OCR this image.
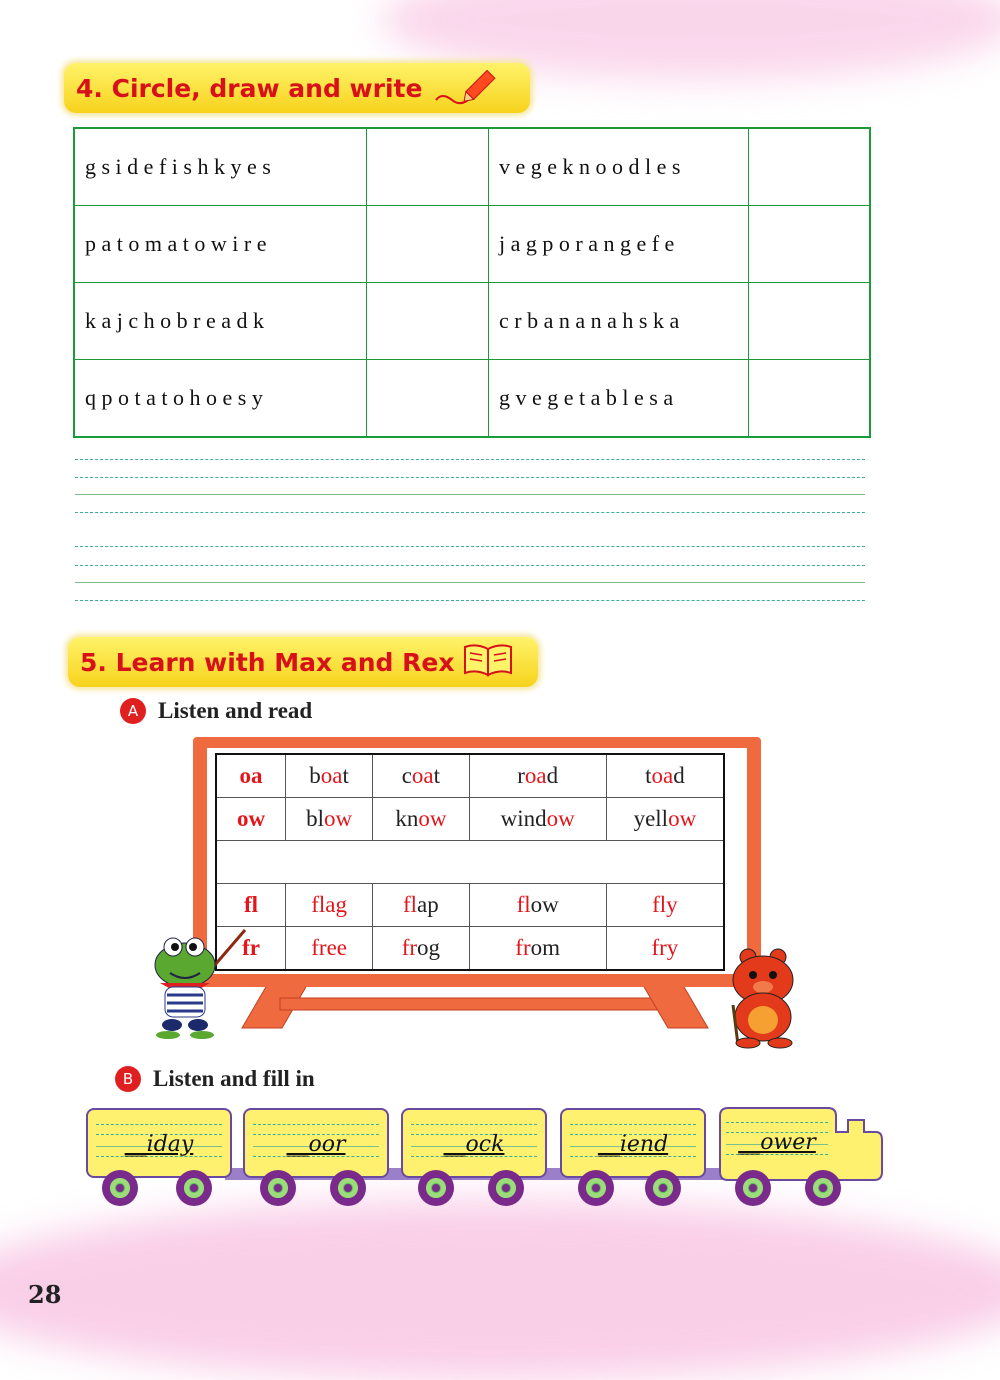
4. Circle, draw and write
gsidefishkyes		vegeknoodles	
patomatowire		jagporangefe	
kajchobreadk		crbananahska	
qpotatohoesy		gvegetablesa	
5. Learn with Max and Rex
A Listen and read
oa	boat	coat	road	toad
ow	blow	know	window	yellow

fl	flag	flap	flow	fly
fr	free	frog	from	fry
B Listen and fill in
__iday	__oor	__ock	__iend	__ower
28
